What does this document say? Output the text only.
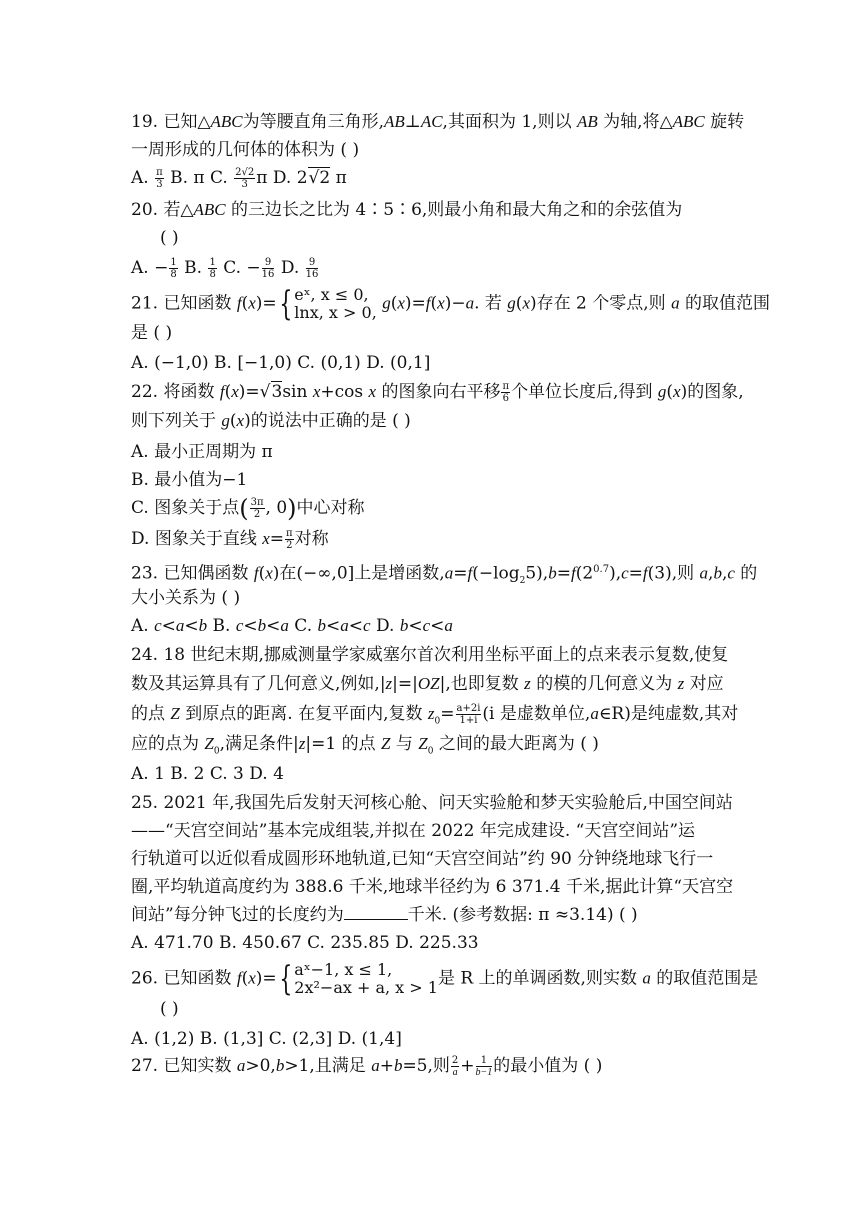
19. 已知△ABC为等腰直角三角形,AB⊥AC,其面积为 1,则以 AB 为轴,将△ABC 旋转
一周形成的几何体的体积为 ( )
A. $\frac{\pi}{3} B$. π C. $\frac{2√2}{3}$ π D. 2√2 π
20. 若△ABC 的三边长之比为 4∶5∶6,则最小角和最大角之和的余弦值为
( )
A. − $\frac{1}{8} B$. $\frac{1}{8} C$. − $\frac{9}{16} D$. $\frac{9}{16}$
21. 已知函数 f(x)={ eˣ, x ≤ 0,
lnx, x > 0, g(x)=f(x)−a. 若 g(x)存在 2 个零点,则 a 的取值范围
是 ( )
A. (−1,0) B. [−1,0) C. (0,1) D. (0,1]
22. 将函数 f(x)=√3sin x+cos x 的图象向右平移 $\frac{\pi}{6}$ 个单位长度后,得到 g(x)的图象,
则下列关于 g(x)的说法中正确的是 ( )
A. 最小正周期为 π
B. 最小值为−1
C. 图象关于点( $\frac{3\pi}{2}$ , 0)中心对称
D. 图象关于直线 $x= \frac{\pi}{2}$ 对称
23. 已知偶函数 f(x)在(−∞,0]上是增函数$,a=f(-\log_25),b=f(2^{0.7}),c=f(3)$,则 a,b,c 的
大小关系为 ( )
A. c<a<b B. c<b<a C. b<a<c D. b<c<a
24. 18 世纪末期,挪威测量学家威塞尔首次利用坐标平面上的点来表示复数,使复
数及其运算具有了几何意义,例如,|z|=|OZ|,也即复数 z 的模的几何意义为 z 对应
的点 Z 到原点的距离. 在复平面内,复数 $z_0= \frac{a+2i}{1+i} (i$ 是虚数单位,a∈R)是纯虚数,其对
应的点为 $Z_0$,满足条件|z|=1 的点 Z 与 $Z_0$ 之间的最大距离为 ( )
A. 1 B. 2 C. 3 D. 4
25. 2021 年,我国先后发射天河核心舱、问天实验舱和梦天实验舱后,中国空间站
——“天宫空间站”基本完成组装,并拟在 2022 年完成建设. “天宫空间站”运
行轨道可以近似看成圆形环地轨道,已知“天宫空间站”约 90 分钟绕地球飞行一
圈,平均轨道高度约为 388.6 千米,地球半径约为 6 371.4 千米,据此计算“天宫空
间站”每分钟飞过的长度约为	千米. (参考数据: π ≈3.14) ( )
A. 471.70 B. 450.67 C. 235.85 D. 225.33
26. 已知函数 f(x)={ aˣ−1, x ≤ 1,
2x²−ax + a, x > 1 是 R 上的单调函数,则实数 a 的取值范围是
( )
A. (1,2) B. (1,3] C. (2,3] D. (1,4]
27. 已知实数 a>0,b>1,且满足 a+b=5,则 $\frac{2}{a} + \frac{1}{b-1}$ 的最小值为 ( )
